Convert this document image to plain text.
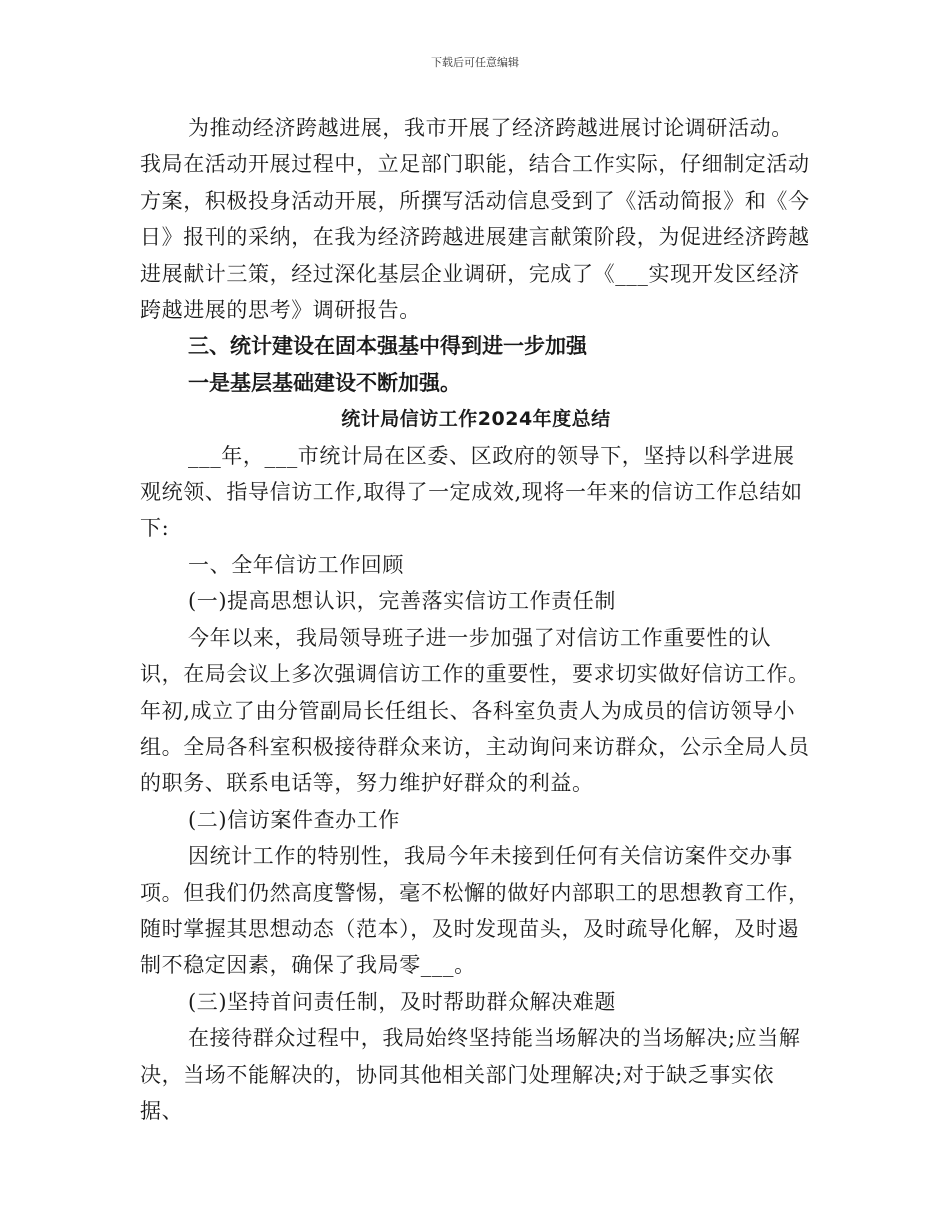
下载后可任意编辑

为推动经济跨越进展，我市开展了经济跨越进展讨论调研活动。我局在活动开展过程中，立足部门职能，结合工作实际，仔细制定活动方案，积极投身活动开展，所撰写活动信息受到了《活动简报》和《今日》报刊的采纳，在我为经济跨越进展建言献策阶段，为促进经济跨越进展献计三策，经过深化基层企业调研，完成了《___实现开发区经济跨越进展的思考》调研报告。

三、统计建设在固本强基中得到进一步加强

一是基层基础建设不断加强。

统计局信访工作2024年度总结

___年，___市统计局在区委、区政府的领导下，坚持以科学进展观统领、指导信访工作,取得了一定成效,现将一年来的信访工作总结如下:

一、全年信访工作回顾

(一)提高思想认识，完善落实信访工作责任制

今年以来，我局领导班子进一步加强了对信访工作重要性的认识，在局会议上多次强调信访工作的重要性，要求切实做好信访工作。年初,成立了由分管副局长任组长、各科室负责人为成员的信访领导小组。全局各科室积极接待群众来访，主动询问来访群众，公示全局人员的职务、联系电话等，努力维护好群众的利益。

(二)信访案件查办工作

因统计工作的特别性，我局今年未接到任何有关信访案件交办事项。但我们仍然高度警惕，毫不松懈的做好内部职工的思想教育工作，随时掌握其思想动态（范本），及时发现苗头，及时疏导化解，及时遏制不稳定因素，确保了我局零___。

(三)坚持首问责任制，及时帮助群众解决难题

在接待群众过程中，我局始终坚持能当场解决的当场解决;应当解决，当场不能解决的，协同其他相关部门处理解决;对于缺乏事实依据、
